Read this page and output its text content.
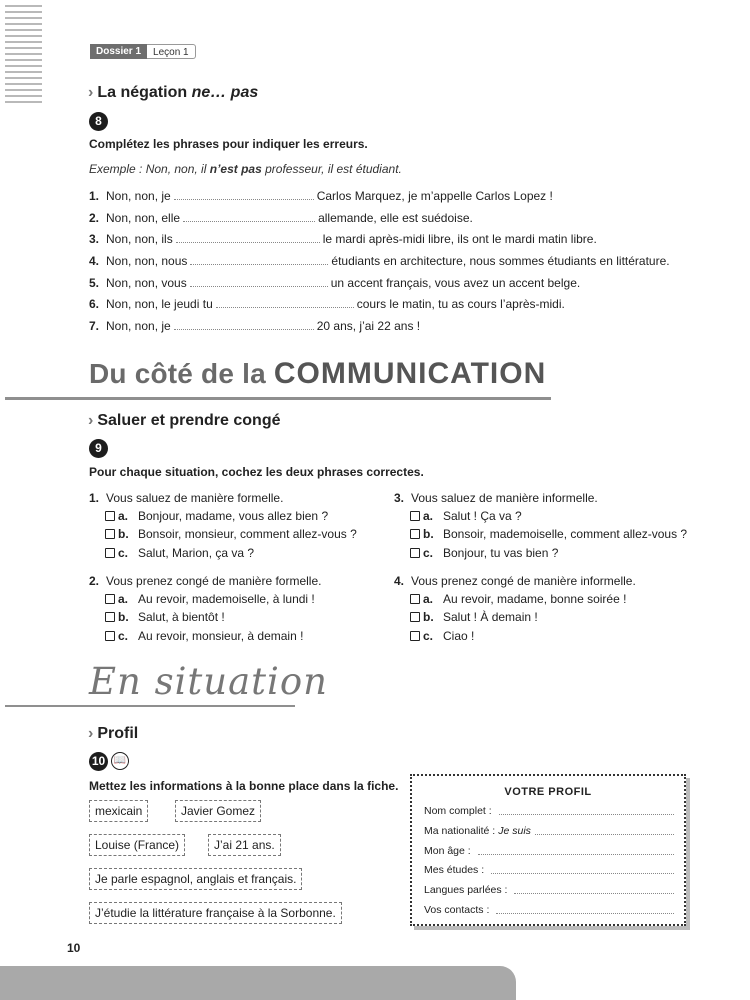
Dossier 1	Leçon 1
› La négation ne… pas
8
Complétez les phrases pour indiquer les erreurs.
Exemple : Non, non, il n’est pas professeur, il est étudiant.
1. Non, non, je	Carlos Marquez, je m’appelle Carlos Lopez !
2. Non, non, elle	allemande, elle est suédoise.
3. Non, non, ils	le mardi après-midi libre, ils ont le mardi matin libre.
4. Non, non, nous	étudiants en architecture, nous sommes étudiants en littérature.
5. Non, non, vous	un accent français, vous avez un accent belge.
6. Non, non, le jeudi tu	cours le matin, tu as cours l’après-midi.
7. Non, non, je	20 ans, j’ai 22 ans !
Du côté de la COMMUNICATION
› Saluer et prendre congé
9
Pour chaque situation, cochez les deux phrases correctes.
1. Vous saluez de manière formelle.
a. Bonjour, madame, vous allez bien ?
b. Bonsoir, monsieur, comment allez-vous ?
c. Salut, Marion, ça va ?
2. Vous prenez congé de manière formelle.
a. Au revoir, mademoiselle, à lundi !
b. Salut, à bientôt !
c. Au revoir, monsieur, à demain !
3. Vous saluez de manière informelle.
a. Salut ! Ça va ?
b. Bonsoir, mademoiselle, comment allez-vous ?
c. Bonjour, tu vas bien ?
4. Vous prenez congé de manière informelle.
a. Au revoir, madame, bonne soirée !
b. Salut ! À demain !
c. Ciao !
En situation
› Profil
10 📖
Mettez les informations à la bonne place dans la fiche.
mexicain	Javier Gomez
Louise (France)	J’ai 21 ans.
Je parle espagnol, anglais et français.
J’étudie la littérature française à la Sorbonne.
VOTRE PROFIL
Nom complet :
Ma nationalité : Je suis
Mon âge :
Mes études :
Langues parlées :
Vos contacts :
10
